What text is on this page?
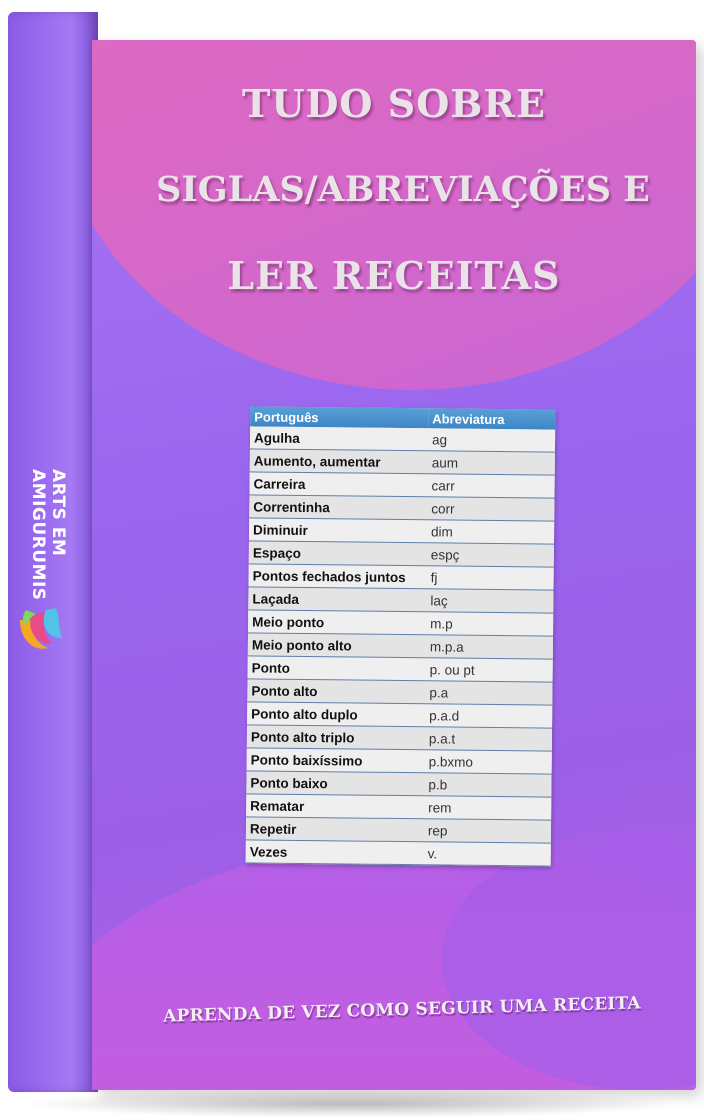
ARTS EM
AMIGURUMIS
TUDO SOBRE
SIGLAS/ABREVIAÇÕES E
LER RECEITAS
Português	Abreviatura
Agulha	ag
Aumento, aumentar	aum
Carreira	carr
Correntinha	corr
Diminuir	dim
Espaço	espç
Pontos fechados juntos	fj
Laçada	laç
Meio ponto	m.p
Meio ponto alto	m.p.a
Ponto	p. ou pt
Ponto alto	p.a
Ponto alto duplo	p.a.d
Ponto alto triplo	p.a.t
Ponto baixíssimo	p.bxmo
Ponto baixo	p.b
Rematar	rem
Repetir	rep
Vezes	v.
APRENDA DE VEZ COMO SEGUIR UMA RECEITA
